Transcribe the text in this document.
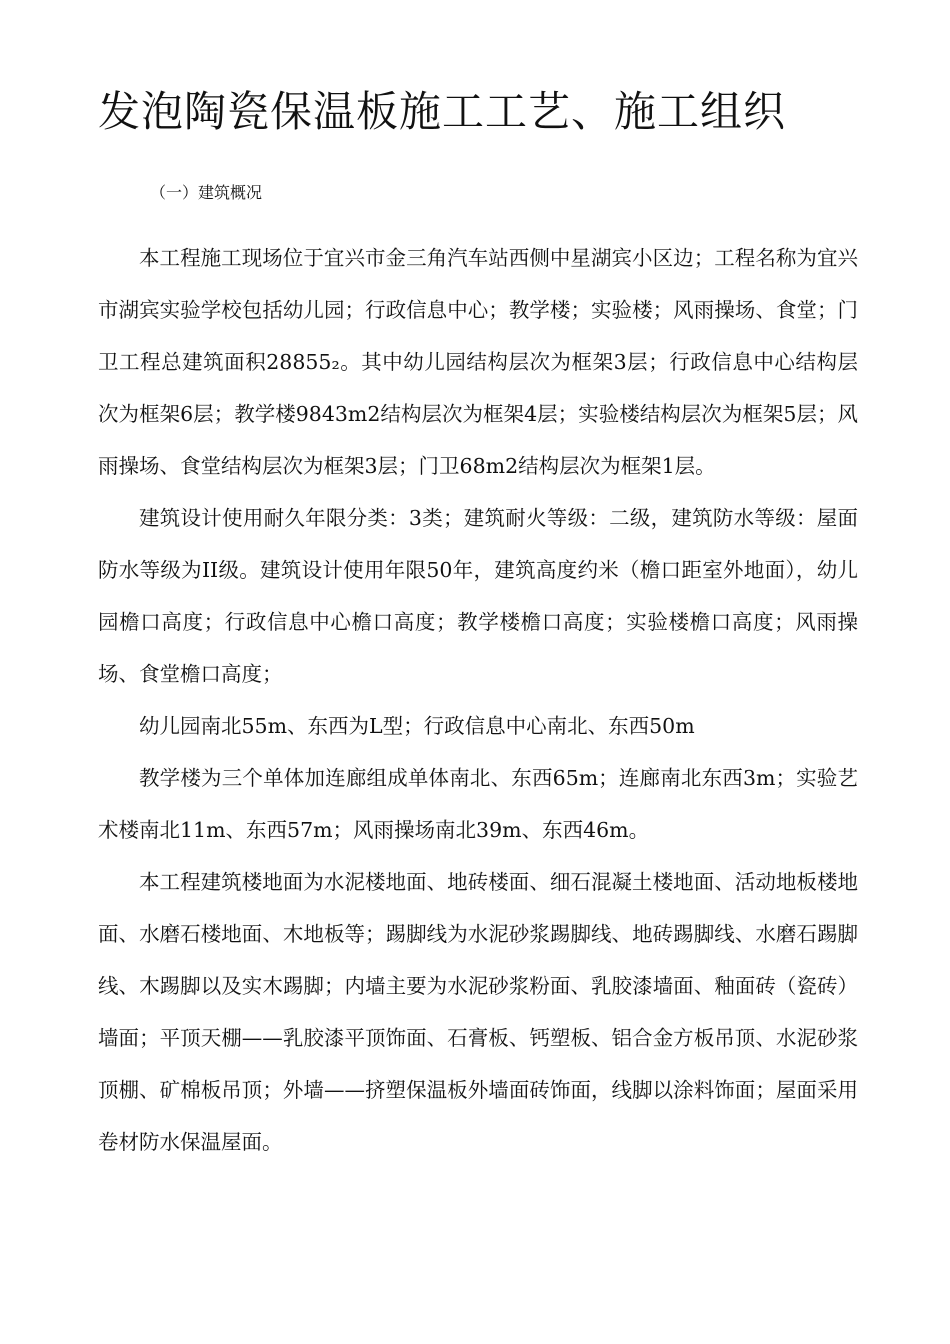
发泡陶瓷保温板施工工艺、施工组织

（一）建筑概况

本工程施工现场位于宜兴市金三角汽车站西侧中星湖宾小区边；工程名称为宜兴市湖宾实验学校包括幼儿园；行政信息中心；教学楼；实验楼；风雨操场、食堂；门卫工程总建筑面积28855₂。其中幼儿园结构层次为框架3层；行政信息中心结构层次为框架6层；教学楼9843m2结构层次为框架4层；实验楼结构层次为框架5层；风雨操场、食堂结构层次为框架3层；门卫68m2结构层次为框架1层。

建筑设计使用耐久年限分类：3类；建筑耐火等级：二级，建筑防水等级：屋面防水等级为II级。建筑设计使用年限50年，建筑高度约米（檐口距室外地面），幼儿园檐口高度；行政信息中心檐口高度；教学楼檐口高度；实验楼檐口高度；风雨操场、食堂檐口高度；

幼儿园南北55m、东西为L型；行政信息中心南北、东西50m

教学楼为三个单体加连廊组成单体南北、东西65m；连廊南北东西3m；实验艺术楼南北11m、东西57m；风雨操场南北39m、东西46m。

本工程建筑楼地面为水泥楼地面、地砖楼面、细石混凝土楼地面、活动地板楼地面、水磨石楼地面、木地板等；踢脚线为水泥砂浆踢脚线、地砖踢脚线、水磨石踢脚线、木踢脚以及实木踢脚；内墙主要为水泥砂浆粉面、乳胶漆墙面、釉面砖（瓷砖）墙面；平顶天棚——乳胶漆平顶饰面、石膏板、钙塑板、铝合金方板吊顶、水泥砂浆顶棚、矿棉板吊顶；外墙——挤塑保温板外墙面砖饰面，线脚以涂料饰面；屋面采用卷材防水保温屋面。
